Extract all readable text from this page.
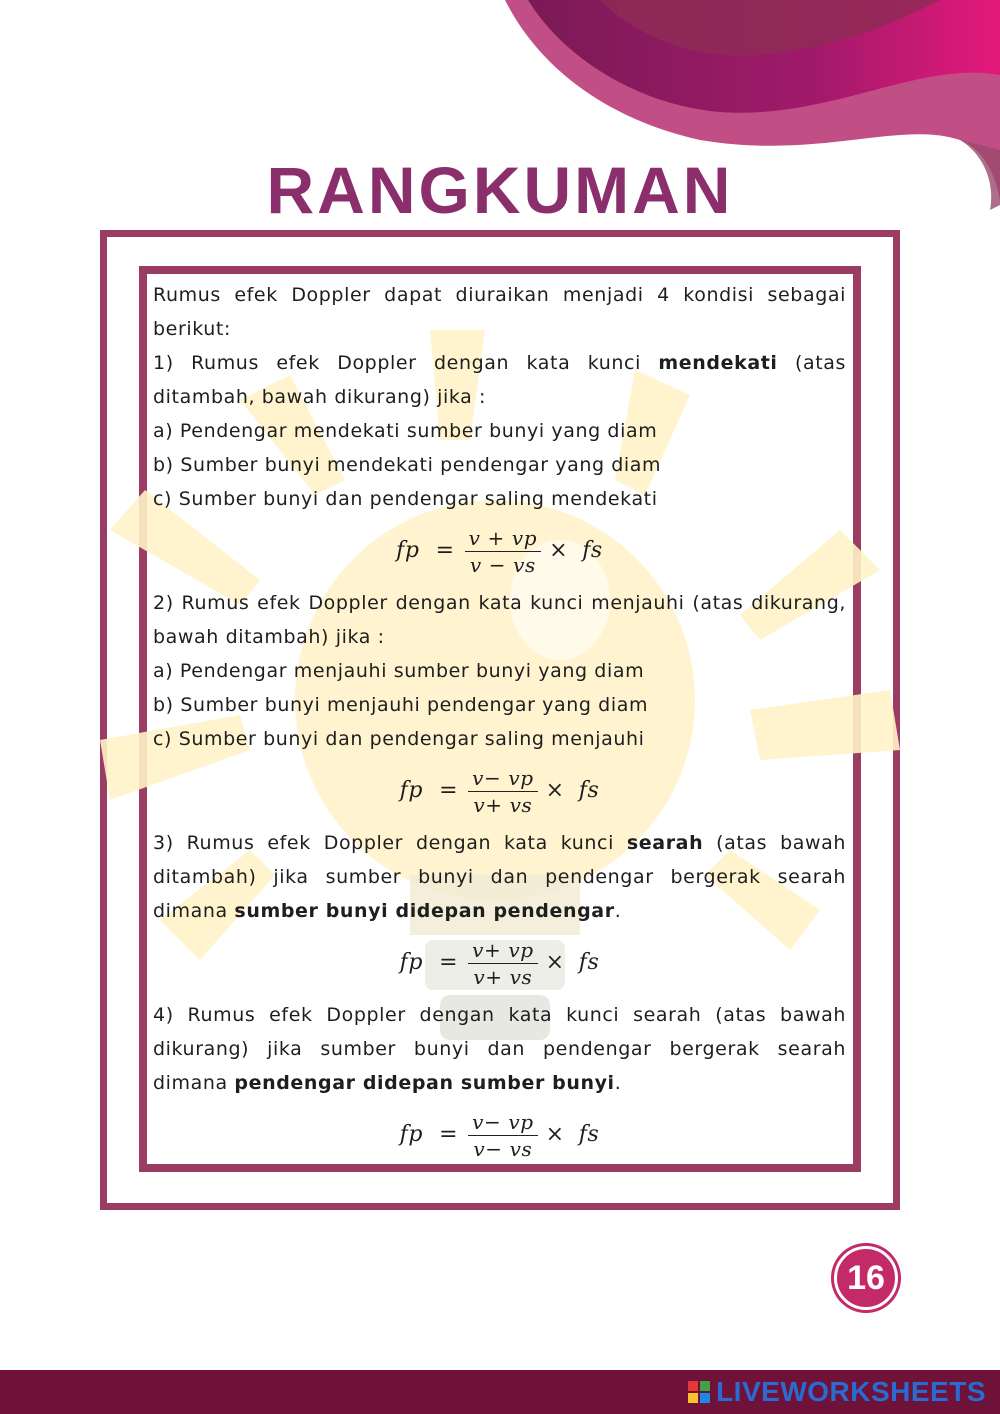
RANGKUMAN

Rumus efek Doppler dapat diuraikan menjadi 4 kondisi sebagai berikut:

1) Rumus efek Doppler dengan kata kunci mendekati (atas ditambah, bawah dikurang) jika :

a) Pendengar mendekati sumber bunyi yang diam

b) Sumber bunyi mendekati pendengar yang diam

c) Sumber bunyi dan pendengar saling mendekati

fp = $\frac{v + vp}{v - vs}$ × fs

2) Rumus efek Doppler dengan kata kunci menjauhi (atas dikurang, bawah ditambah) jika :

a) Pendengar menjauhi sumber bunyi yang diam

b) Sumber bunyi menjauhi pendengar yang diam

c) Sumber bunyi dan pendengar saling menjauhi

fp = $\frac{v- vp}{v+ vs}$ × fs

3) Rumus efek Doppler dengan kata kunci searah (atas bawah ditambah) jika sumber bunyi dan pendengar bergerak searah dimana sumber bunyi didepan pendengar.

fp = $\frac{v+ vp}{v+ vs}$ × fs

4) Rumus efek Doppler dengan kata kunci searah (atas bawah dikurang) jika sumber bunyi dan pendengar bergerak searah dimana pendengar didepan sumber bunyi.

fp = $\frac{v- vp}{v- vs}$ × fs
16
LIVEWORKSHEETS
